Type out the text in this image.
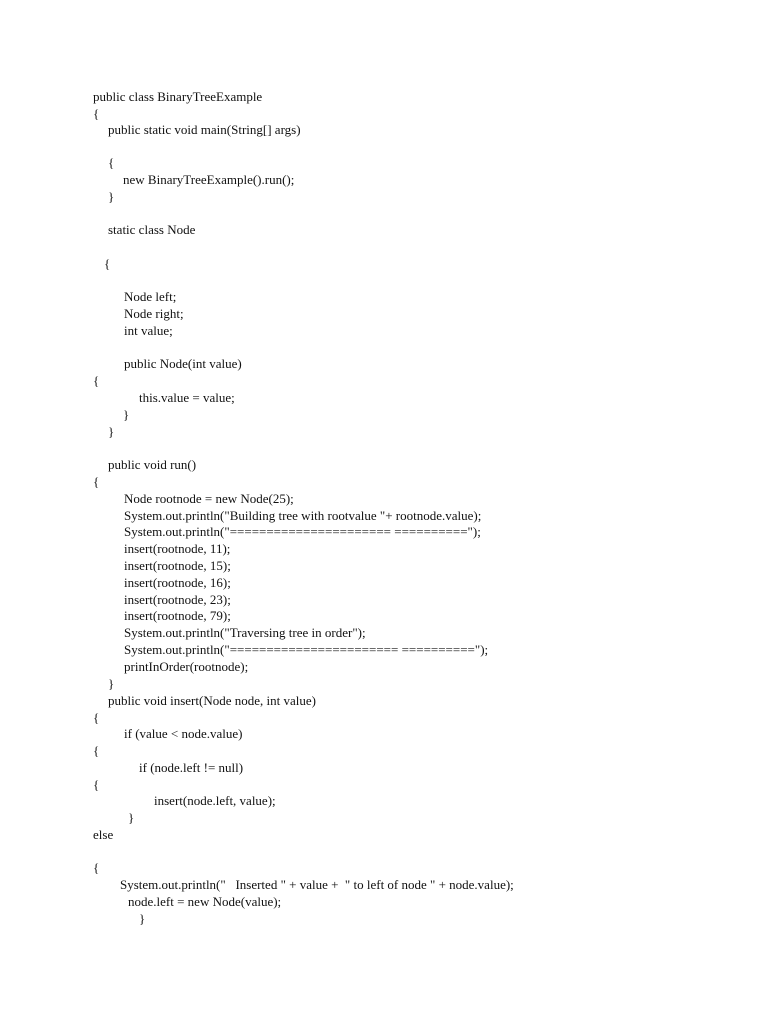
public class BinaryTreeExample
{
public static void main(String[] args)
{
new BinaryTreeExample().run();
}
static class Node
{
Node left;
Node right;
int value;
public Node(int value)
{
this.value = value;
}
}
public void run()
{
Node rootnode = new Node(25);
System.out.println("Building tree with rootvalue "+ rootnode.value);
System.out.println("====================== ==========");
insert(rootnode, 11);
insert(rootnode, 15);
insert(rootnode, 16);
insert(rootnode, 23);
insert(rootnode, 79);
System.out.println("Traversing tree in order");
System.out.println("======================= ==========");
printInOrder(rootnode);
}
public void insert(Node node, int value)
{
if (value < node.value)
{
if (node.left != null)
{
insert(node.left, value);
}
else
{
System.out.println("   Inserted " + value +  " to left of node " + node.value);
node.left = new Node(value);
}
